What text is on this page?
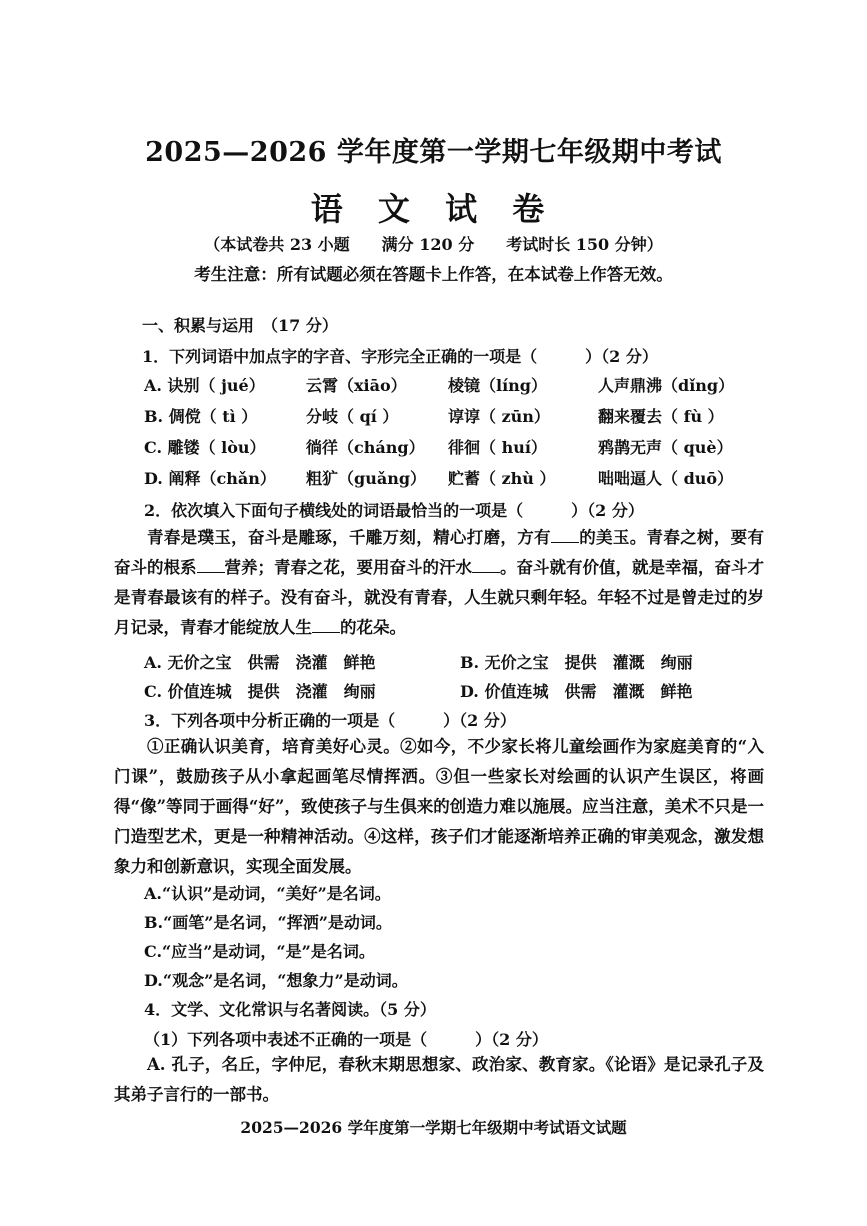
2025—2026 学年度第一学期七年级期中考试
语 文 试 卷
（本试卷共 23 小题　　满分 120 分　　考试时长 150 分钟）
考生注意：所有试题必须在答题卡上作答，在本试卷上作答无效。
一、积累与运用　（17 分）
1．下列词语中加点字的字音、字形完全正确的一项是（　　　）（2 分）
A. 诀别（ jué）	云霄（xiāo）	棱镜（líng）	人声鼎沸（dǐng）
B. 倜傥（ tì ）	分岐（ qí ）	谆谆（ zūn）	翻来覆去（ fù ）
C. 雕镂（ lòu）	徜徉（cháng） 徘徊（ huí）	鸦鹊无声（ què）
D. 阐释（chǎn） 粗犷（guǎng） 贮蓄（ zhù ）	咄咄逼人（ duō）
2．依次填入下面句子横线处的词语最恰当的一项是（　　　）（2 分）
青春是璞玉，奋斗是雕琢，千雕万刻，精心打磨，方有 的美玉。青春之树，要有奋斗的根系 营养；青春之花，要用奋斗的汗水 。奋斗就有价值，就是幸福，奋斗才是青春最该有的样子。没有奋斗，就没有青春，人生就只剩年轻。年轻不过是曾走过的岁月记录，青春才能绽放人生 的花朵。
A. 无价之宝　供需　浇灌　鲜艳	B. 无价之宝　提供　灌溉　绚丽
C. 价值连城　提供　浇灌　绚丽	D. 价值连城　供需　灌溉　鲜艳
3．下列各项中分析正确的一项是（　　　）（2 分）
①正确认识美育，培育美好心灵。②如今，不少家长将儿童绘画作为家庭美育的“入门课”，鼓励孩子从小拿起画笔尽情挥洒。③但一些家长对绘画的认识产生误区，将画得“像”等同于画得“好”，致使孩子与生俱来的创造力难以施展。应当注意，美术不只是一门造型艺术，更是一种精神活动。④这样，孩子们才能逐渐培养正确的审美观念，激发想象力和创新意识，实现全面发展。
A.“认识”是动词，“美好”是名词。
B.“画笔”是名词，“挥洒”是动词。
C.“应当”是动词，“是”是名词。
D.“观念”是名词，“想象力”是动词。
4．文学、文化常识与名著阅读。（5 分）
（1）下列各项中表述不正确的一项是（　　　）（2 分）
A. 孔子，名丘，字仲尼，春秋末期思想家、政治家、教育家。《论语》是记录孔子及其弟子言行的一部书。
2025—2026 学年度第一学期七年级期中考试语文试题
